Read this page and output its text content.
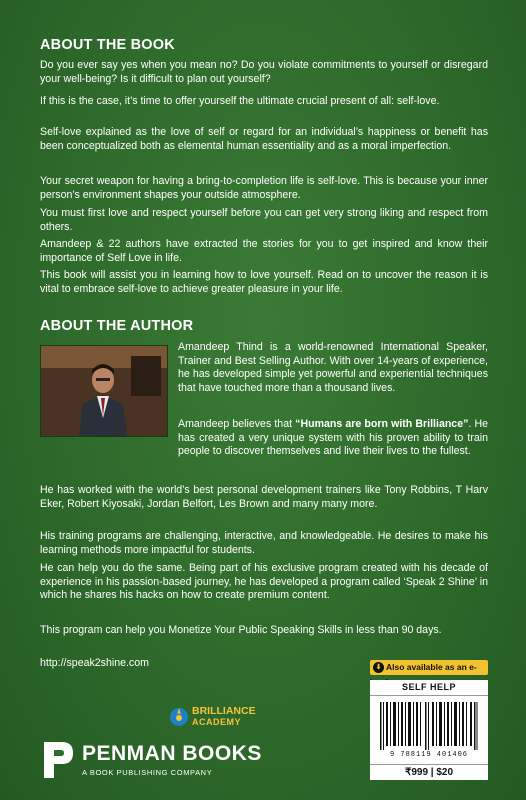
ABOUT THE BOOK
Do you ever say yes when you mean no? Do you violate commitments to yourself or disregard your well-being? Is it difficult to plan out yourself?
If this is the case, it’s time to offer yourself the ultimate crucial present of all: self-love.
Self-love explained as the love of self or regard for an individual’s happiness or benefit has been conceptualized both as elemental human essentiality and as a moral imperfection.
Your secret weapon for having a bring-to-completion life is self-love. This is because your inner person’s environment shapes your outside atmosphere.
You must first love and respect yourself before you can get very strong liking and respect from others.
Amandeep & 22 authors have extracted the stories for you to get inspired and know their importance of Self Love in life.
This book will assist you in learning how to love yourself. Read on to uncover the reason it is vital to embrace self-love to achieve greater pleasure in your life.
ABOUT THE AUTHOR
Amandeep Thind is a world-renowned International Speaker, Trainer and Best Selling Author. With over 14-years of experience, he has developed simple yet powerful and experiential techniques that have touched more than a thousand lives.
Amandeep believes that “Humans are born with Brilliance”. He has created a very unique system with his proven ability to train people to discover themselves and live their lives to the fullest.
He has worked with the world’s best personal development trainers like Tony Robbins, T Harv Eker, Robert Kiyosaki, Jordan Belfort, Les Brown and many many more.
His training programs are challenging, interactive, and knowledgeable. He desires to make his learning methods more impactful for students.
He can help you do the same. Being part of his exclusive program created with his decade of experience in his passion-based journey, he has developed a program called ‘Speak 2 Shine’ in which he shares his hacks on how to create premium content.
This program can help you Monetize Your Public Speaking Skills in less than 90 days.
http://speak2shine.com	⬇ Also available as an e-
SELF HELP
9 788119 401406
₹999 | $20
BRILLIANCE
ACADEMY
PENMAN BOOKS
A BOOK PUBLISHING COMPANY
